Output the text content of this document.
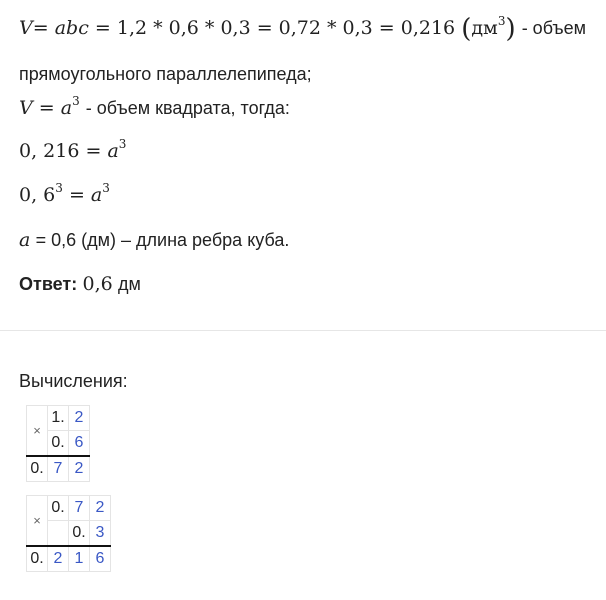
V= abc = 1,2 * 0,6 * 0,3 = 0,72 * 0,3 = 0,216 $(дм^3)$ - объем
прямоугольного параллелепипеда;
$V = a^3$ - объем квадрата, тогда:
0, $216 = a^3$
0, $6^3 = a^3$
a = 0,6 (дм) – длина ребра куба.
Ответ: 0,6 дм
Вычисления:
×	1.	2
	0.	6
0.	7	2
×	0.	7	2
		0.	3
0.	2	1	6
